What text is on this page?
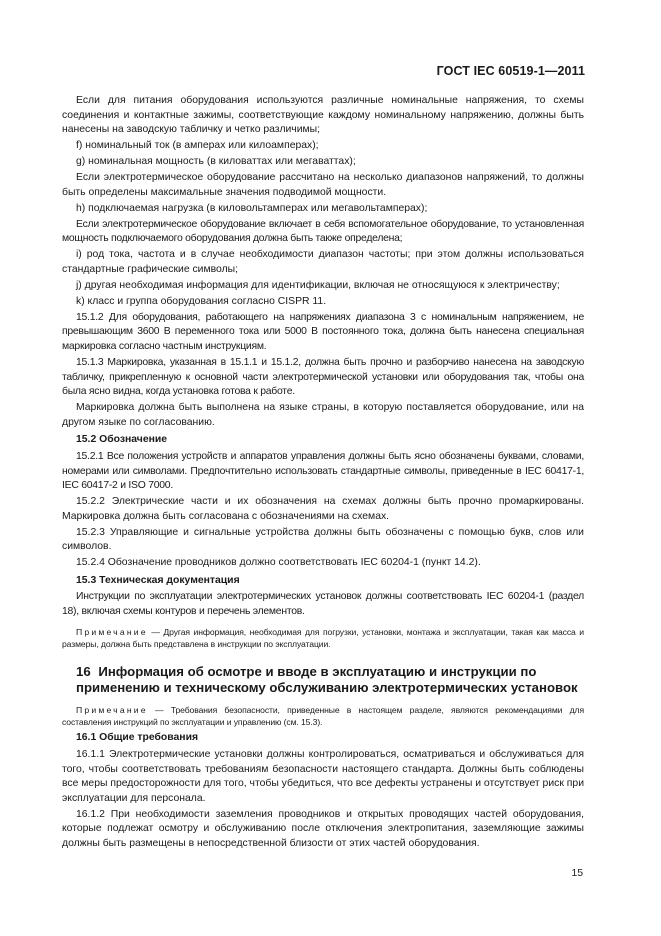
ГОСТ IEC 60519-1—2011

Если для питания оборудования используются различные номинальные напряжения, то схемы соединения и контактные зажимы, соответствующие каждому номинальному напряжению, должны быть нанесены на заводскую табличку и четко различимы;

f) номинальный ток (в амперах или килоамперах);

g) номинальная мощность (в киловаттах или мегаваттах);

Если электротермическое оборудование рассчитано на несколько диапазонов напряжений, то должны быть определены максимальные значения подводимой мощности.

h) подключаемая нагрузка (в киловольтамперах или мегавольтамперах);

Если электротермическое оборудование включает в себя вспомогательное оборудование, то установленная мощность подключаемого оборудования должна быть также определена;

i) род тока, частота и в случае необходимости диапазон частоты; при этом должны использоваться стандартные графические символы;

j) другая необходимая информация для идентификации, включая не относящуюся к электричеству;

k) класс и группа оборудования согласно CISPR 11.

15.1.2 Для оборудования, работающего на напряжениях диапазона 3 с номинальным напряжением, не превышающим 3600 В переменного тока или 5000 В постоянного тока, должна быть нанесена специальная маркировка согласно частным инструкциям.

15.1.3 Маркировка, указанная в 15.1.1 и 15.1.2, должна быть прочно и разборчиво нанесена на заводскую табличку, прикрепленную к основной части электротермической установки или оборудования так, чтобы она была ясно видна, когда установка готова к работе.

Маркировка должна быть выполнена на языке страны, в которую поставляется оборудование, или на другом языке по согласованию.

15.2 Обозначение

15.2.1 Все положения устройств и аппаратов управления должны быть ясно обозначены буквами, словами, номерами или символами. Предпочтительно использовать стандартные символы, приведенные в IEC 60417-1, IEC 60417-2 и ISO 7000.

15.2.2 Электрические части и их обозначения на схемах должны быть прочно промаркированы. Маркировка должна быть согласована с обозначениями на схемах.

15.2.3 Управляющие и сигнальные устройства должны быть обозначены с помощью букв, слов или символов.

15.2.4 Обозначение проводников должно соответствовать IEC 60204-1 (пункт 14.2).

15.3 Техническая документация

Инструкции по эксплуатации электротермических установок должны соответствовать IEC 60204-1 (раздел 18), включая схемы контуров и перечень элементов.

Примечание — Другая информация, необходимая для погрузки, установки, монтажа и эксплуатации, такая как масса и размеры, должна быть представлена в инструкции по эксплуатации.

16 Информация об осмотре и вводе в эксплуатацию и инструкции по применению и техническому обслуживанию электротермических установок

Примечание — Требования безопасности, приведенные в настоящем разделе, являются рекомендациями для составления инструкций по эксплуатации и управлению (см. 15.3).

16.1 Общие требования

16.1.1 Электротермические установки должны контролироваться, осматриваться и обслуживаться для того, чтобы соответствовать требованиям безопасности настоящего стандарта. Должны быть соблюдены все меры предосторожности для того, чтобы убедиться, что все дефекты устранены и отсутствует риск при эксплуатации для персонала.

16.1.2 При необходимости заземления проводников и открытых проводящих частей оборудования, которые подлежат осмотру и обслуживанию после отключения электропитания, заземляющие зажимы должны быть размещены в непосредственной близости от этих частей оборудования.

15
